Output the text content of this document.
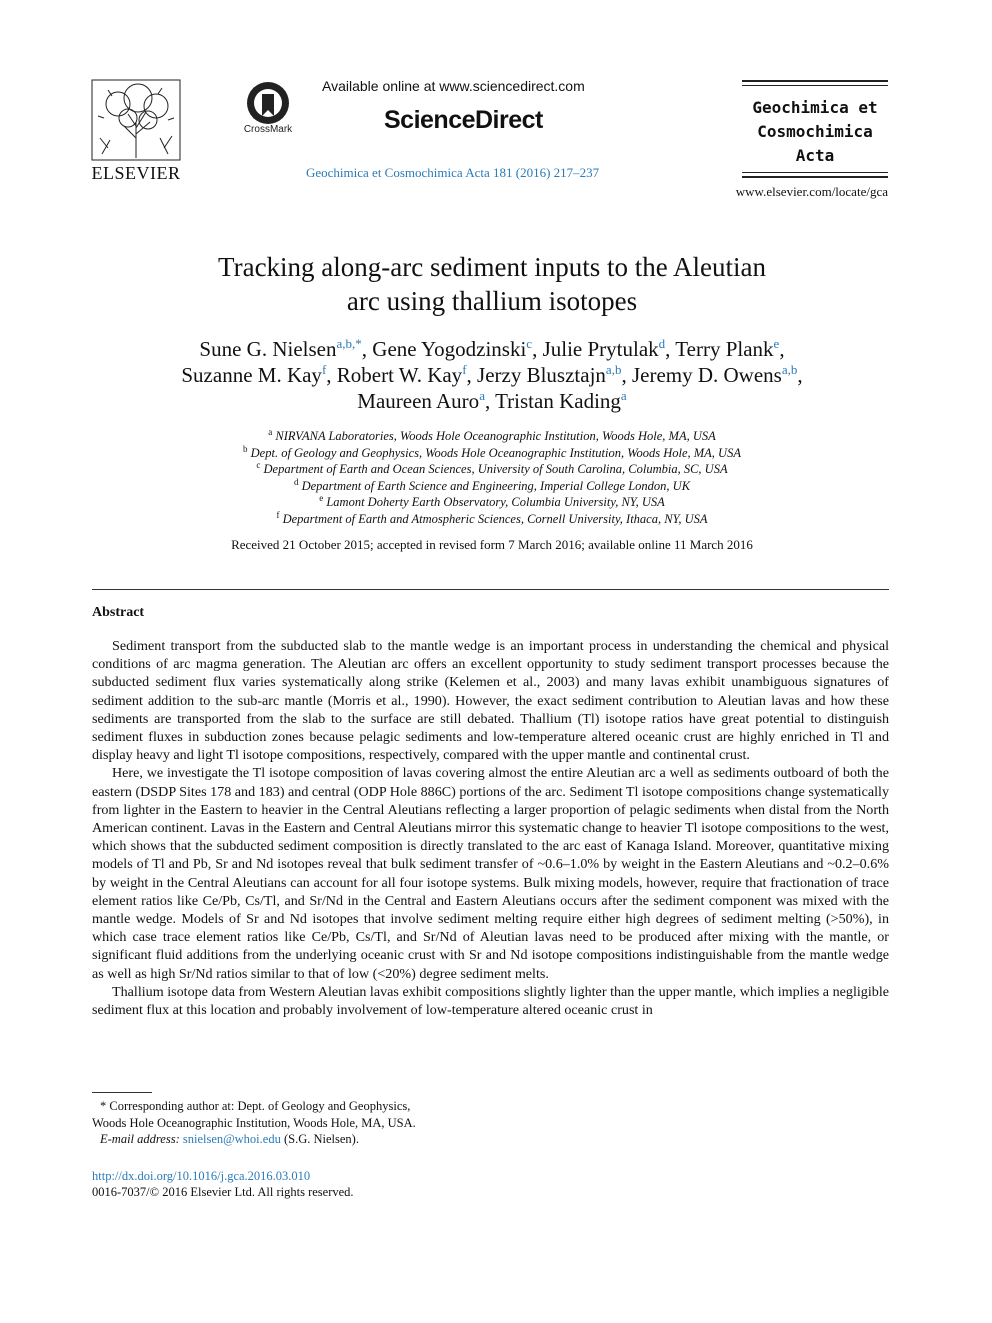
ELSEVIER
CrossMark
Available online at www.sciencedirect.com
ScienceDirect
Geochimica et Cosmochimica Acta 181 (2016) 217–237
Geochimica et
Cosmochimica
Acta
www.elsevier.com/locate/gca
Tracking along-arc sediment inputs to the Aleutian
arc using thallium isotopes
Sune G. Nielsen$^{a,b,*}$, Gene Yogodzinski$^c$, Julie Prytulak$^d$, Terry Plank$^e$,
Suzanne M. Kay$^f$, Robert W. Kay$^f$, Jerzy Blusztajn$^{a,b}$, Jeremy D. Owens$^{a,b}$,
Maureen Auro$^a$, Tristan Kading$^a$
$^a$ NIRVANA Laboratories, Woods Hole Oceanographic Institution, Woods Hole, MA, USA
$^b$ Dept. of Geology and Geophysics, Woods Hole Oceanographic Institution, Woods Hole, MA, USA
$^c$ Department of Earth and Ocean Sciences, University of South Carolina, Columbia, SC, USA
$^d$ Department of Earth Science and Engineering, Imperial College London, UK
$^e$ Lamont Doherty Earth Observatory, Columbia University, NY, USA
$^f$ Department of Earth and Atmospheric Sciences, Cornell University, Ithaca, NY, USA
Received 21 October 2015; accepted in revised form 7 March 2016; available online 11 March 2016
Abstract

Sediment transport from the subducted slab to the mantle wedge is an important process in understanding the chemical and physical conditions of arc magma generation. The Aleutian arc offers an excellent opportunity to study sediment transport processes because the subducted sediment flux varies systematically along strike (Kelemen et al., 2003) and many lavas exhibit unambiguous signatures of sediment addition to the sub-arc mantle (Morris et al., 1990). However, the exact sediment contribution to Aleutian lavas and how these sediments are transported from the slab to the surface are still debated. Thallium (Tl) isotope ratios have great potential to distinguish sediment fluxes in subduction zones because pelagic sediments and low-temperature altered oceanic crust are highly enriched in Tl and display heavy and light Tl isotope compositions, respectively, compared with the upper mantle and continental crust.

Here, we investigate the Tl isotope composition of lavas covering almost the entire Aleutian arc a well as sediments outboard of both the eastern (DSDP Sites 178 and 183) and central (ODP Hole 886C) portions of the arc. Sediment Tl isotope compositions change systematically from lighter in the Eastern to heavier in the Central Aleutians reflecting a larger proportion of pelagic sediments when distal from the North American continent. Lavas in the Eastern and Central Aleutians mirror this systematic change to heavier Tl isotope compositions to the west, which shows that the subducted sediment composition is directly translated to the arc east of Kanaga Island. Moreover, quantitative mixing models of Tl and Pb, Sr and Nd isotopes reveal that bulk sediment transfer of ~0.6–1.0% by weight in the Eastern Aleutians and ~0.2–0.6% by weight in the Central Aleutians can account for all four isotope systems. Bulk mixing models, however, require that fractionation of trace element ratios like Ce/Pb, Cs/Tl, and Sr/Nd in the Central and Eastern Aleutians occurs after the sediment component was mixed with the mantle wedge. Models of Sr and Nd isotopes that involve sediment melting require either high degrees of sediment melting (>50%), in which case trace element ratios like Ce/Pb, Cs/Tl, and Sr/Nd of Aleutian lavas need to be produced after mixing with the mantle, or significant fluid additions from the underlying oceanic crust with Sr and Nd isotope compositions indistinguishable from the mantle wedge as well as high Sr/Nd ratios similar to that of low (<20%) degree sediment melts.

Thallium isotope data from Western Aleutian lavas exhibit compositions slightly lighter than the upper mantle, which implies a negligible sediment flux at this location and probably involvement of low-temperature altered oceanic crust in

* Corresponding author at: Dept. of Geology and Geophysics,
Woods Hole Oceanographic Institution, Woods Hole, MA, USA.
E-mail address: snielsen@whoi.edu (S.G. Nielsen).
http://dx.doi.org/10.1016/j.gca.2016.03.010
0016-7037/© 2016 Elsevier Ltd. All rights reserved.
